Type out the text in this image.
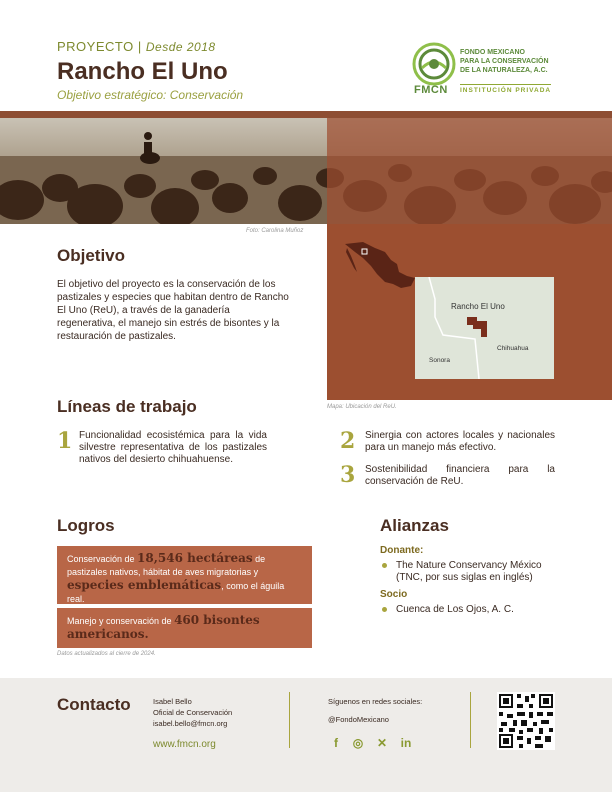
PROYECTO | Desde 2018
Rancho El Uno
Objetivo estratégico: Conservación
FONDO MEXICANO
PARA LA CONSERVACIÓN
DE LA NATURALEZA, A.C.
INSTITUCIÓN PRIVADA
FMCN
Foto: Carolina Muñoz
Objetivo
El objetivo del proyecto es la conservación de los pastizales y especies que habitan dentro de Rancho El Uno (ReU), a través de la ganadería regenerativa, el manejo sin estrés de bisontes y la restauración de pastizales.
Rancho El Uno
Sonora
Chihuahua
Mapa: Ubicación del ReU.
Líneas de trabajo
1 Funcionalidad ecosistémica para la vida silvestre representativa de los pastizales nativos del desierto chihuahuense.
2 Sinergia con actores locales y nacionales para un manejo más efectivo.
3 Sostenibilidad financiera para la conservación de ReU.
Logros
Conservación de 18,546 hectáreas de pastizales nativos, hábitat de aves migratorias y especies emblemáticas, como el águila real.
Manejo y conservación de 460 bisontes americanos.
Datos actualizados al cierre de 2024.
Alianzas
Donante:
The Nature Conservancy México (TNC, por sus siglas en inglés)
Socio
Cuenca de Los Ojos, A. C.
Contacto	Isabel Bello
Oficial de Conservación
isabel.bello@fmcn.org
www.fmcn.org
Síguenos en redes sociales:
@FondoMexicano
f	◎ ✕ in
